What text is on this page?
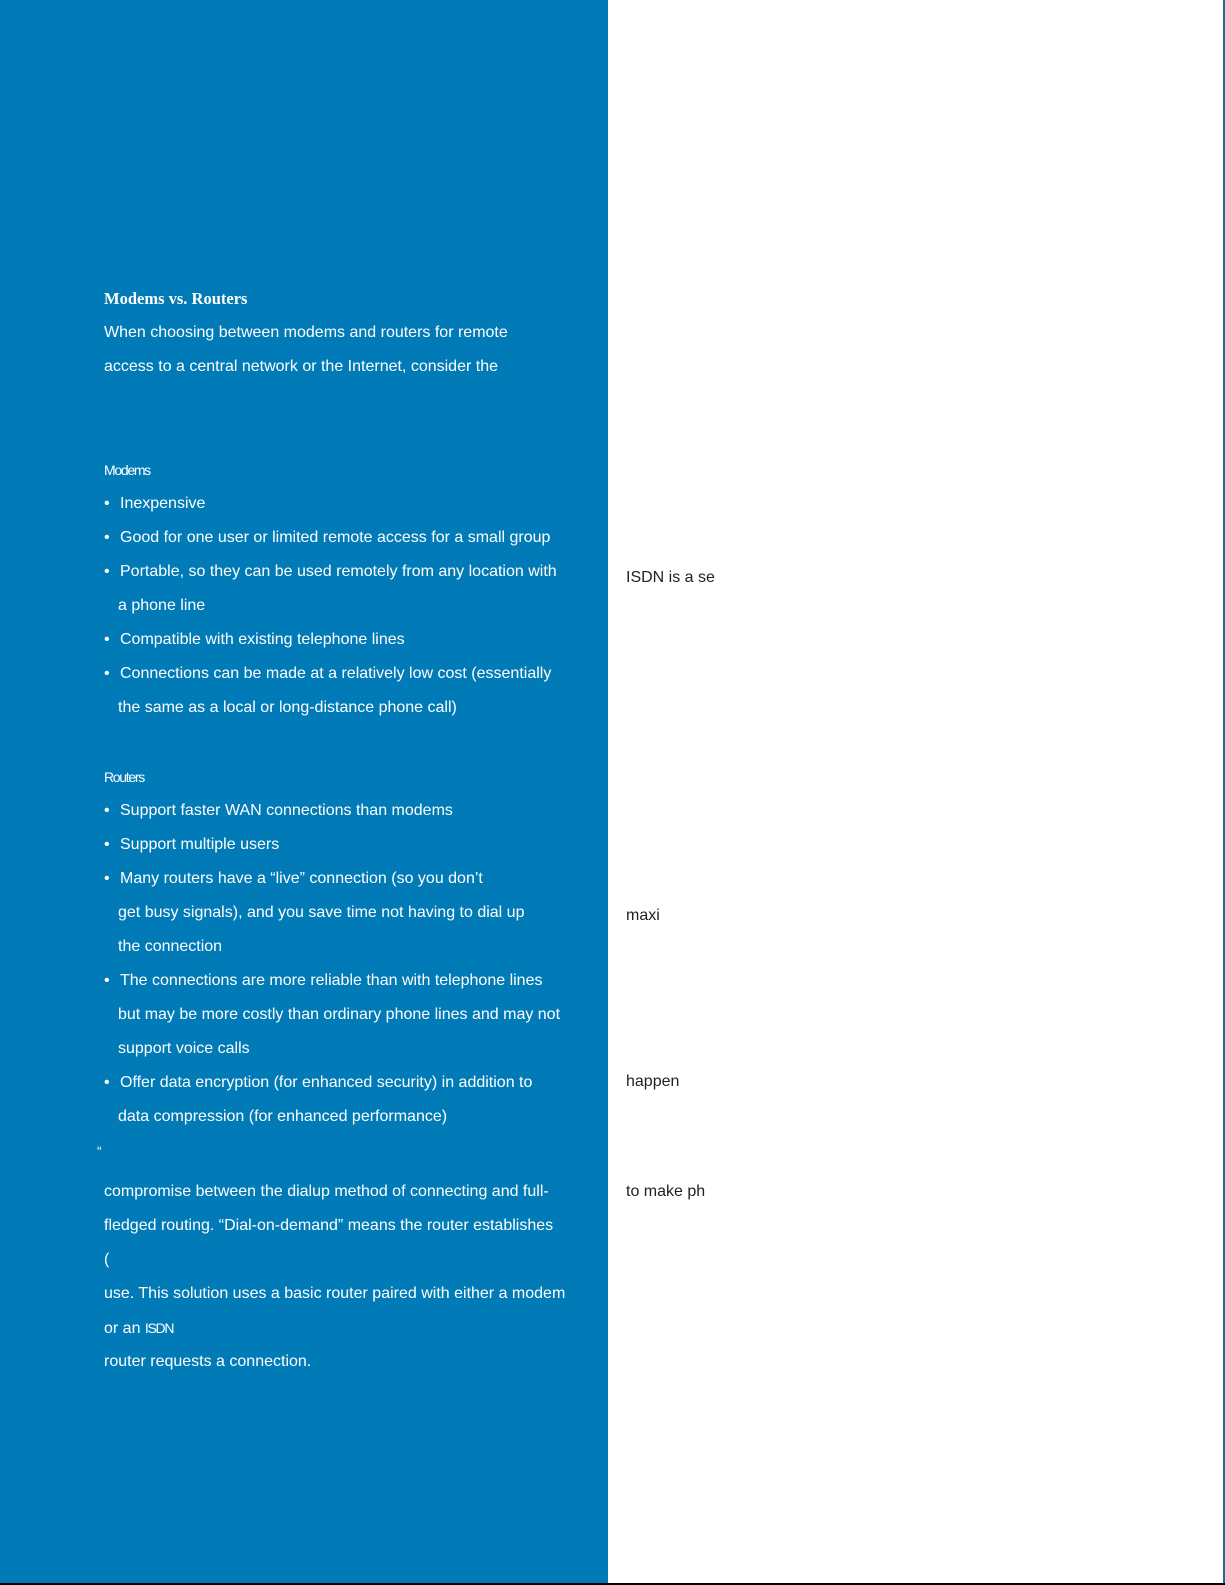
Modems vs. Routers
When choosing between modems and routers for remote
access to a central network or the Internet, consider the
Modems
• Inexpensive
• Good for one user or limited remote access for a small group
• Portable, so they can be used remotely from any location with
a phone line
• Compatible with existing telephone lines
• Connections can be made at a relatively low cost (essentially
the same as a local or long-distance phone call)
Routers
• Support faster WAN connections than modems
• Support multiple users
• Many routers have a “live” connection (so you don’t
get busy signals), and you save time not having to dial up
the connection
• The connections are more reliable than with telephone lines
but may be more costly than ordinary phone lines and may not
support voice calls
• Offer data encryption (for enhanced security) in addition to
data compression (for enhanced performance)
“
compromise between the dialup method of connecting and full-
fledged routing. “Dial-on-demand” means the router establishes
(
use. This solution uses a basic router paired with either a modem
or an ISDN
router requests a connection.
ISDN is a se
maxi
happen
to make ph
